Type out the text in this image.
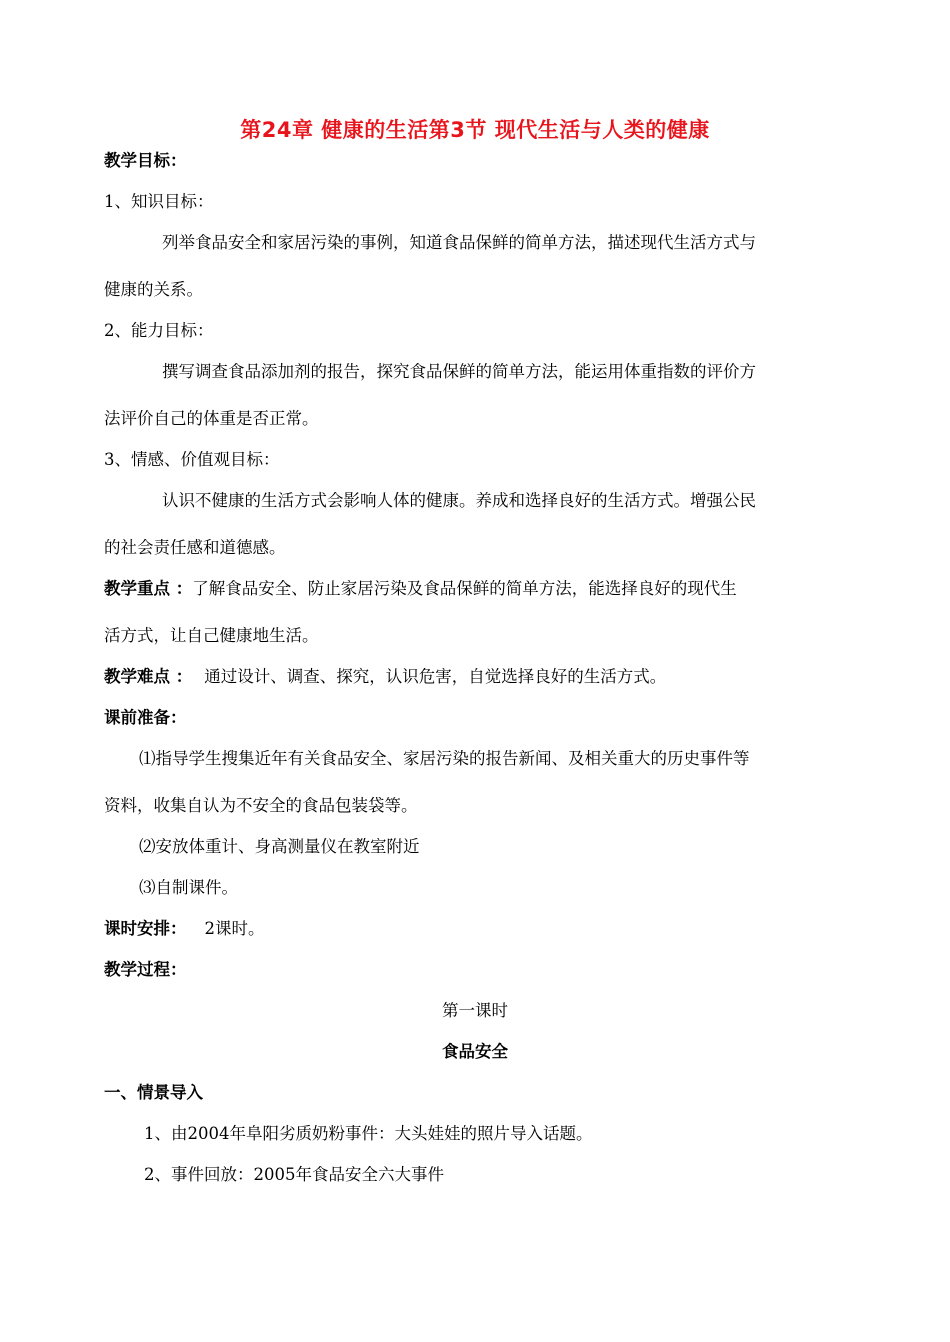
第24章 健康的生活第3节 现代生活与人类的健康
教学目标：
1、知识目标：
列举食品安全和家居污染的事例，知道食品保鲜的简单方法，描述现代生活方式与
健康的关系。
2、能力目标：
撰写调查食品添加剂的报告，探究食品保鲜的简单方法，能运用体重指数的评价方
法评价自己的体重是否正常。
3、情感、价值观目标：
认识不健康的生活方式会影响人体的健康。养成和选择良好的生活方式。增强公民
的社会责任感和道德感。
教学重点 ：了解食品安全、防止家居污染及食品保鲜的简单方法，能选择良好的现代生
活方式，让自己健康地生活。
教学难点 ： 通过设计、调查、探究，认识危害，自觉选择良好的生活方式。
课前准备：
⑴指导学生搜集近年有关食品安全、家居污染的报告新闻、及相关重大的历史事件等
资料，收集自认为不安全的食品包装袋等。
⑵安放体重计、身高测量仪在教室附近
⑶自制课件。
课时安排： 2课时。
教学过程：
第一课时
食品安全
一、情景导入
1、由2004年阜阳劣质奶粉事件：大头娃娃的照片导入话题。
2、事件回放：2005年食品安全六大事件
